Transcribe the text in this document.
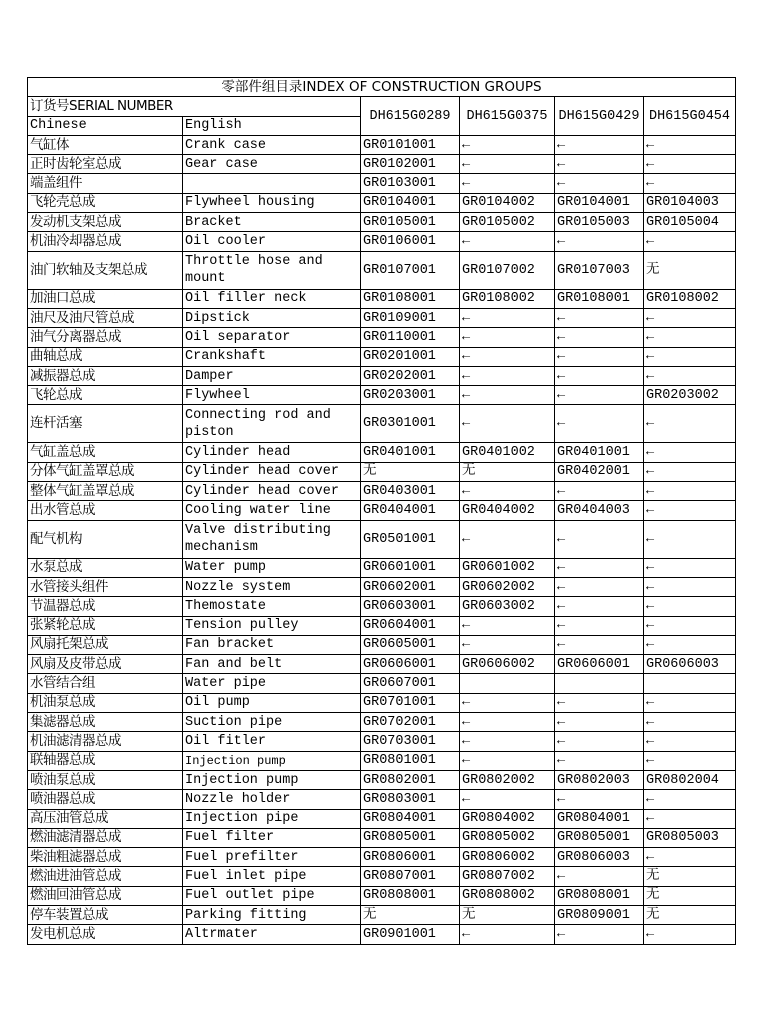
零部件组目录INDEX OF CONSTRUCTION GROUPS					
订货号SERIAL NUMBER		DH615G0289	DH615G0375	DH615G0429	DH615G0454
Chinese	English				
气缸体	Crank case	GR0101001	←	←	←
正时齿轮室总成	Gear case	GR0102001	←	←	←
端盖组件		GR0103001	←	←	←
飞轮壳总成	Flywheel housing	GR0104001	GR0104002	GR0104001	GR0104003
发动机支架总成	Bracket	GR0105001	GR0105002	GR0105003	GR0105004
机油冷却器总成	Oil cooler	GR0106001	←	←	←
油门软轴及支架总成	Throttle hose and mount	GR0107001	GR0107002	GR0107003	无
加油口总成	Oil filler neck	GR0108001	GR0108002	GR0108001	GR0108002
油尺及油尺管总成	Dipstick	GR0109001	←	←	←
油气分离器总成	Oil separator	GR0110001	←	←	←
曲轴总成	Crankshaft	GR0201001	←	←	←
减振器总成	Damper	GR0202001	←	←	←
飞轮总成	Flywheel	GR0203001	←	←	GR0203002
连杆活塞	Connecting rod and piston	GR0301001	←	←	←
气缸盖总成	Cylinder head	GR0401001	GR0401002	GR0401001	←
分体气缸盖罩总成	Cylinder head cover	无	无	GR0402001	←
整体气缸盖罩总成	Cylinder head cover	GR0403001	←	←	←
出水管总成	Cooling water line	GR0404001	GR0404002	GR0404003	←
配气机构	Valve distributing mechanism	GR0501001	←	←	←
水泵总成	Water pump	GR0601001	GR0601002	←	←
水管接头组件	Nozzle system	GR0602001	GR0602002	←	←
节温器总成	Themostate	GR0603001	GR0603002	←	←
张紧轮总成	Tension pulley	GR0604001	←	←	←
风扇托架总成	Fan bracket	GR0605001	←	←	←
风扇及皮带总成	Fan and belt	GR0606001	GR0606002	GR0606001	GR0606003
水管结合组	Water pipe	GR0607001			
机油泵总成	Oil pump	GR0701001	←	←	←
集滤器总成	Suction pipe	GR0702001	←	←	←
机油滤清器总成	Oil fitler	GR0703001	←	←	←
联轴器总成	Injection pump	GR0801001	←	←	←
喷油泵总成	Injection pump	GR0802001	GR0802002	GR0802003	GR0802004
喷油器总成	Nozzle holder	GR0803001	←	←	←
高压油管总成	Injection pipe	GR0804001	GR0804002	GR0804001	←
燃油滤清器总成	Fuel filter	GR0805001	GR0805002	GR0805001	GR0805003
柴油粗滤器总成	Fuel prefilter	GR0806001	GR0806002	GR0806003	←
燃油进油管总成	Fuel inlet pipe	GR0807001	GR0807002	←	无
燃油回油管总成	Fuel outlet pipe	GR0808001	GR0808002	GR0808001	无
停车装置总成	Parking fitting	无	无	GR0809001	无
发电机总成	Altrmater	GR0901001	←	←	←
